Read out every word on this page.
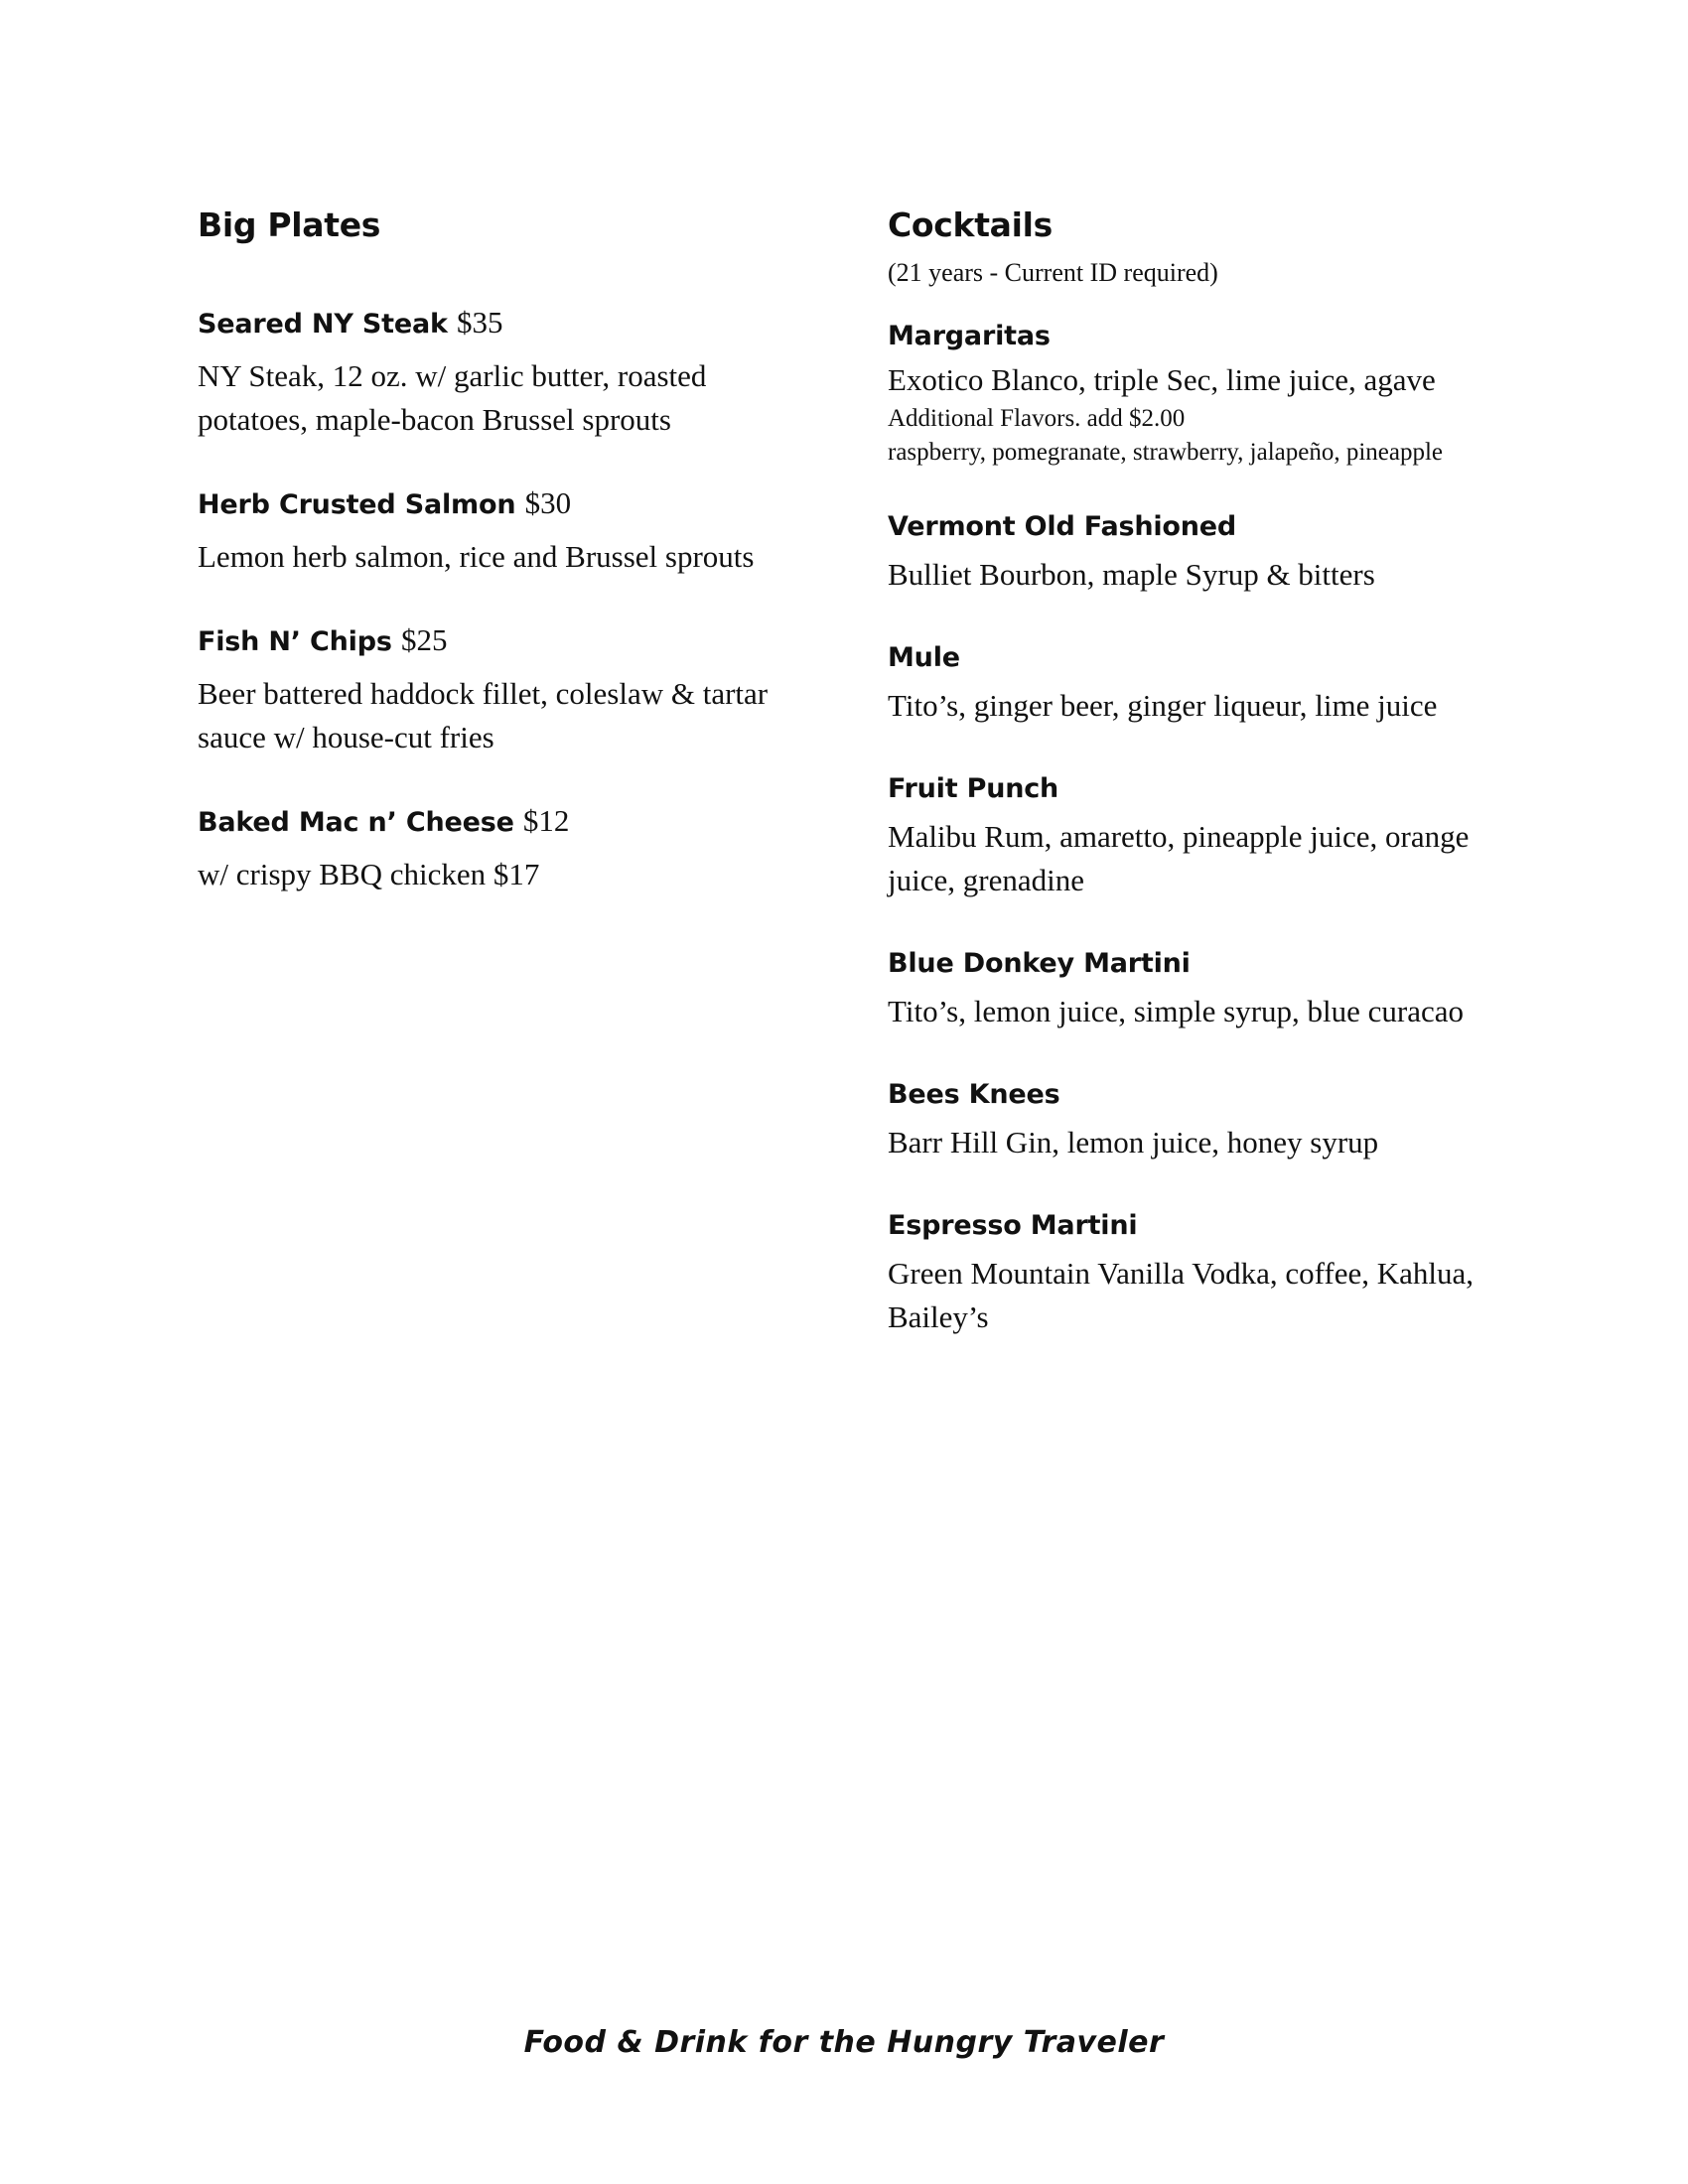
Big Plates
Seared NY Steak $35
NY Steak, 12 oz. w/ garlic butter, roasted potatoes, maple-bacon Brussel sprouts
Herb Crusted Salmon $30
Lemon herb salmon, rice and Brussel sprouts
Fish N’ Chips $25
Beer battered haddock fillet, coleslaw & tartar sauce w/ house-cut fries
Baked Mac n’ Cheese $12
w/ crispy BBQ chicken $17
Cocktails
(21 years - Current ID required)
Margaritas
Exotico Blanco, triple Sec, lime juice, agave
Additional Flavors. add $2.00
raspberry, pomegranate, strawberry, jalapeño, pineapple
Vermont Old Fashioned
Bulliet Bourbon, maple Syrup & bitters
Mule
Tito’s, ginger beer, ginger liqueur, lime juice
Fruit Punch
Malibu Rum, amaretto, pineapple juice, orange juice, grenadine
Blue Donkey Martini
Tito’s, lemon juice, simple syrup, blue curacao
Bees Knees
Barr Hill Gin, lemon juice, honey syrup
Espresso Martini
Green Mountain Vanilla Vodka, coffee, Kahlua, Bailey’s
Food & Drink for the Hungry Traveler
